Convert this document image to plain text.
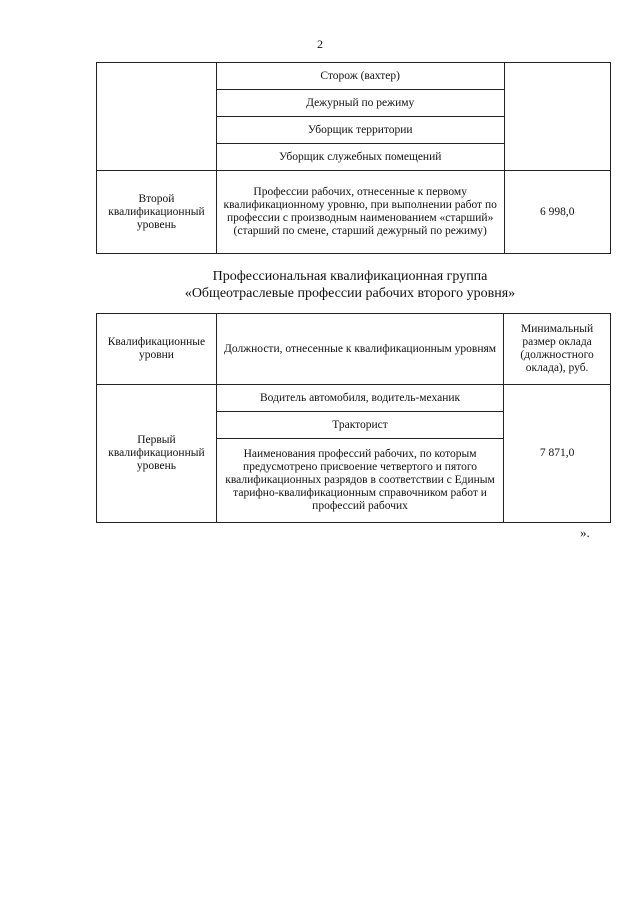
2
	Сторож (вахтер)	
	Дежурный по режиму	
	Уборщик территории	
	Уборщик служебных помещений	
Второй квалификационный уровень	Профессии рабочих, отнесенные к первому квалификационному уровню, при выполнении работ по профессии с производным наименованием «старший» (старший по смене, старший дежурный по режиму)	6 998,0
Профессиональная квалификационная группа
«Общеотраслевые профессии рабочих второго уровня»
Квалификационные уровни	Должности, отнесенные к квалификационным уровням	Минимальный размер оклада (должностного оклада), руб.
Первый квалификационный уровень	Водитель автомобиля, водитель-механик	7 871,0
	Тракторист	
	Наименования профессий рабочих, по которым предусмотрено присвоение четвертого и пятого квалификационных разрядов в соответствии с Единым тарифно-квалификационным справочником работ и профессий рабочих	
».
